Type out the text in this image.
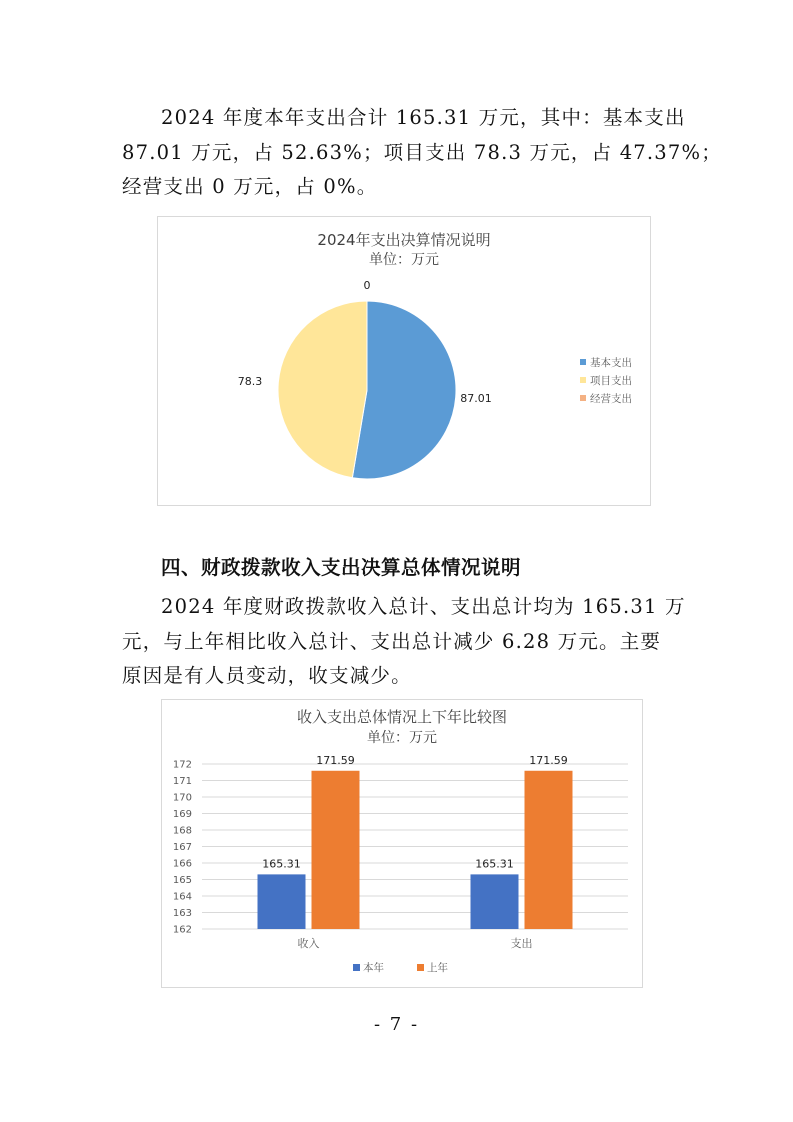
2024 年度本年支出合计 165.31 万元，其中：基本支出
87.01 万元，占 52.63%；项目支出 78.3 万元，占 47.37%；
经营支出 0 万元，占 0%。
2024年支出决算情况说明
单位：万元
0
78.3
87.01
基本支出
项目支出
经营支出
四、财政拨款收入支出决算总体情况说明
2024 年度财政拨款收入总计、支出总计均为 165.31 万
元，与上年相比收入总计、支出总计减少 6.28 万元。主要
原因是有人员变动，收支减少。
收入支出总体情况上下年比较图
单位：万元
162
163
164
165
166
167
168
169
170
171
172
165.31
171.59
165.31
171.59
收入	支出
本年	上年
- 7 -
